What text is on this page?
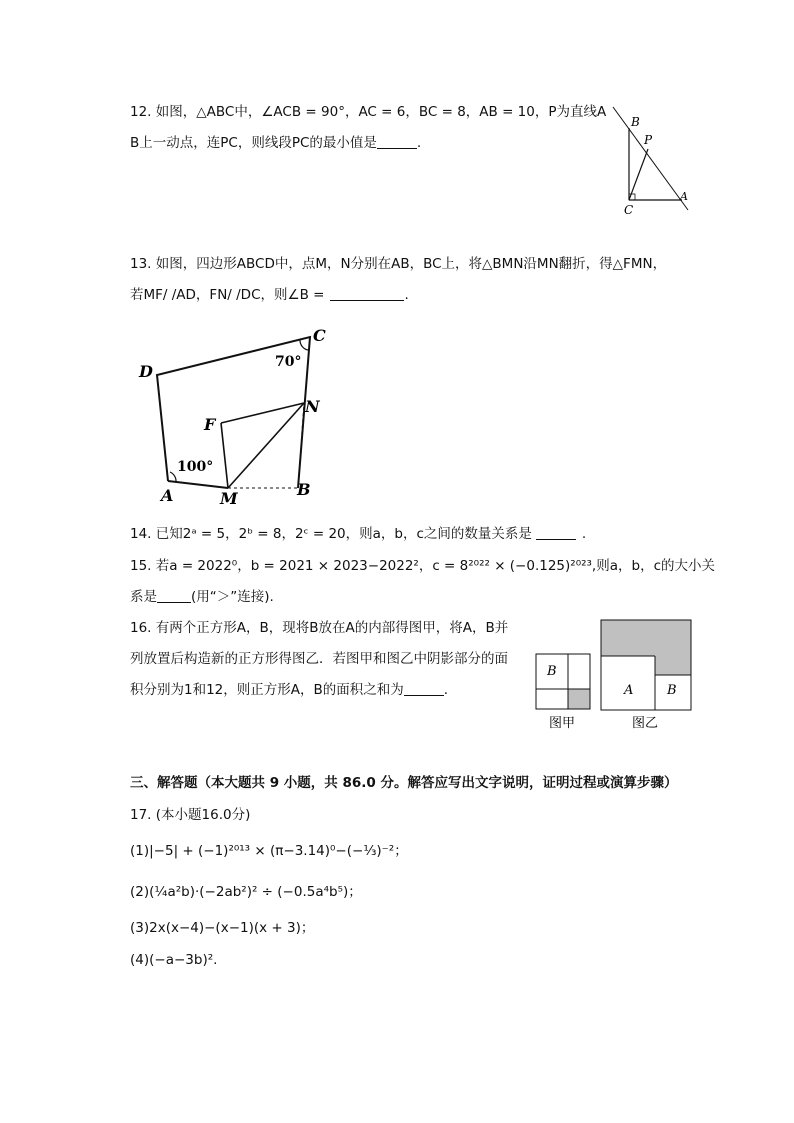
12. 如图，△ABC中，∠ACB = 90°，AC = 6，BC = 8，AB = 10，P为直线A
B上一动点，连PC，则线段PC的最小值是	.
B
P
C
A
13. 如图，四边形ABCD中，点M，N分别在AB，BC上，将△BMN沿MN翻折，得△FMN，
若MF/ /AD，FN/ /DC，则∠B =	.
D
C
70°
F
N
100°
A	M	B
14. 已知2ᵃ = 5，2ᵇ = 8，2ᶜ = 20，则a，b，c之间的数量关系是	.
15. 若a = 2022⁰，b = 2021 × 2023−2022²，c = 8²⁰²² × (−0.125)²⁰²³,则a，b，c的大小关
系是	(用“＞”连接).
16. 有两个正方形A，B，现将B放在A的内部得图甲，将A，B并
列放置后构造新的正方形得图乙．若图甲和图乙中阴影部分的面
积分别为1和12，则正方形A，B的面积之和为	.
B
图甲
A	B
图乙
三、解答题（本大题共 9 小题，共 86.0 分。解答应写出文字说明，证明过程或演算步骤）
17. (本小题16.0分)
(1)|−5| + (−1)²⁰¹³ × (π−3.14)⁰−(−⅓)⁻²；
(2)(¼a²b)·(−2ab²)² ÷ (−0.5a⁴b⁵)；
(3)2x(x−4)−(x−1)(x + 3)；
(4)(−a−3b)².
